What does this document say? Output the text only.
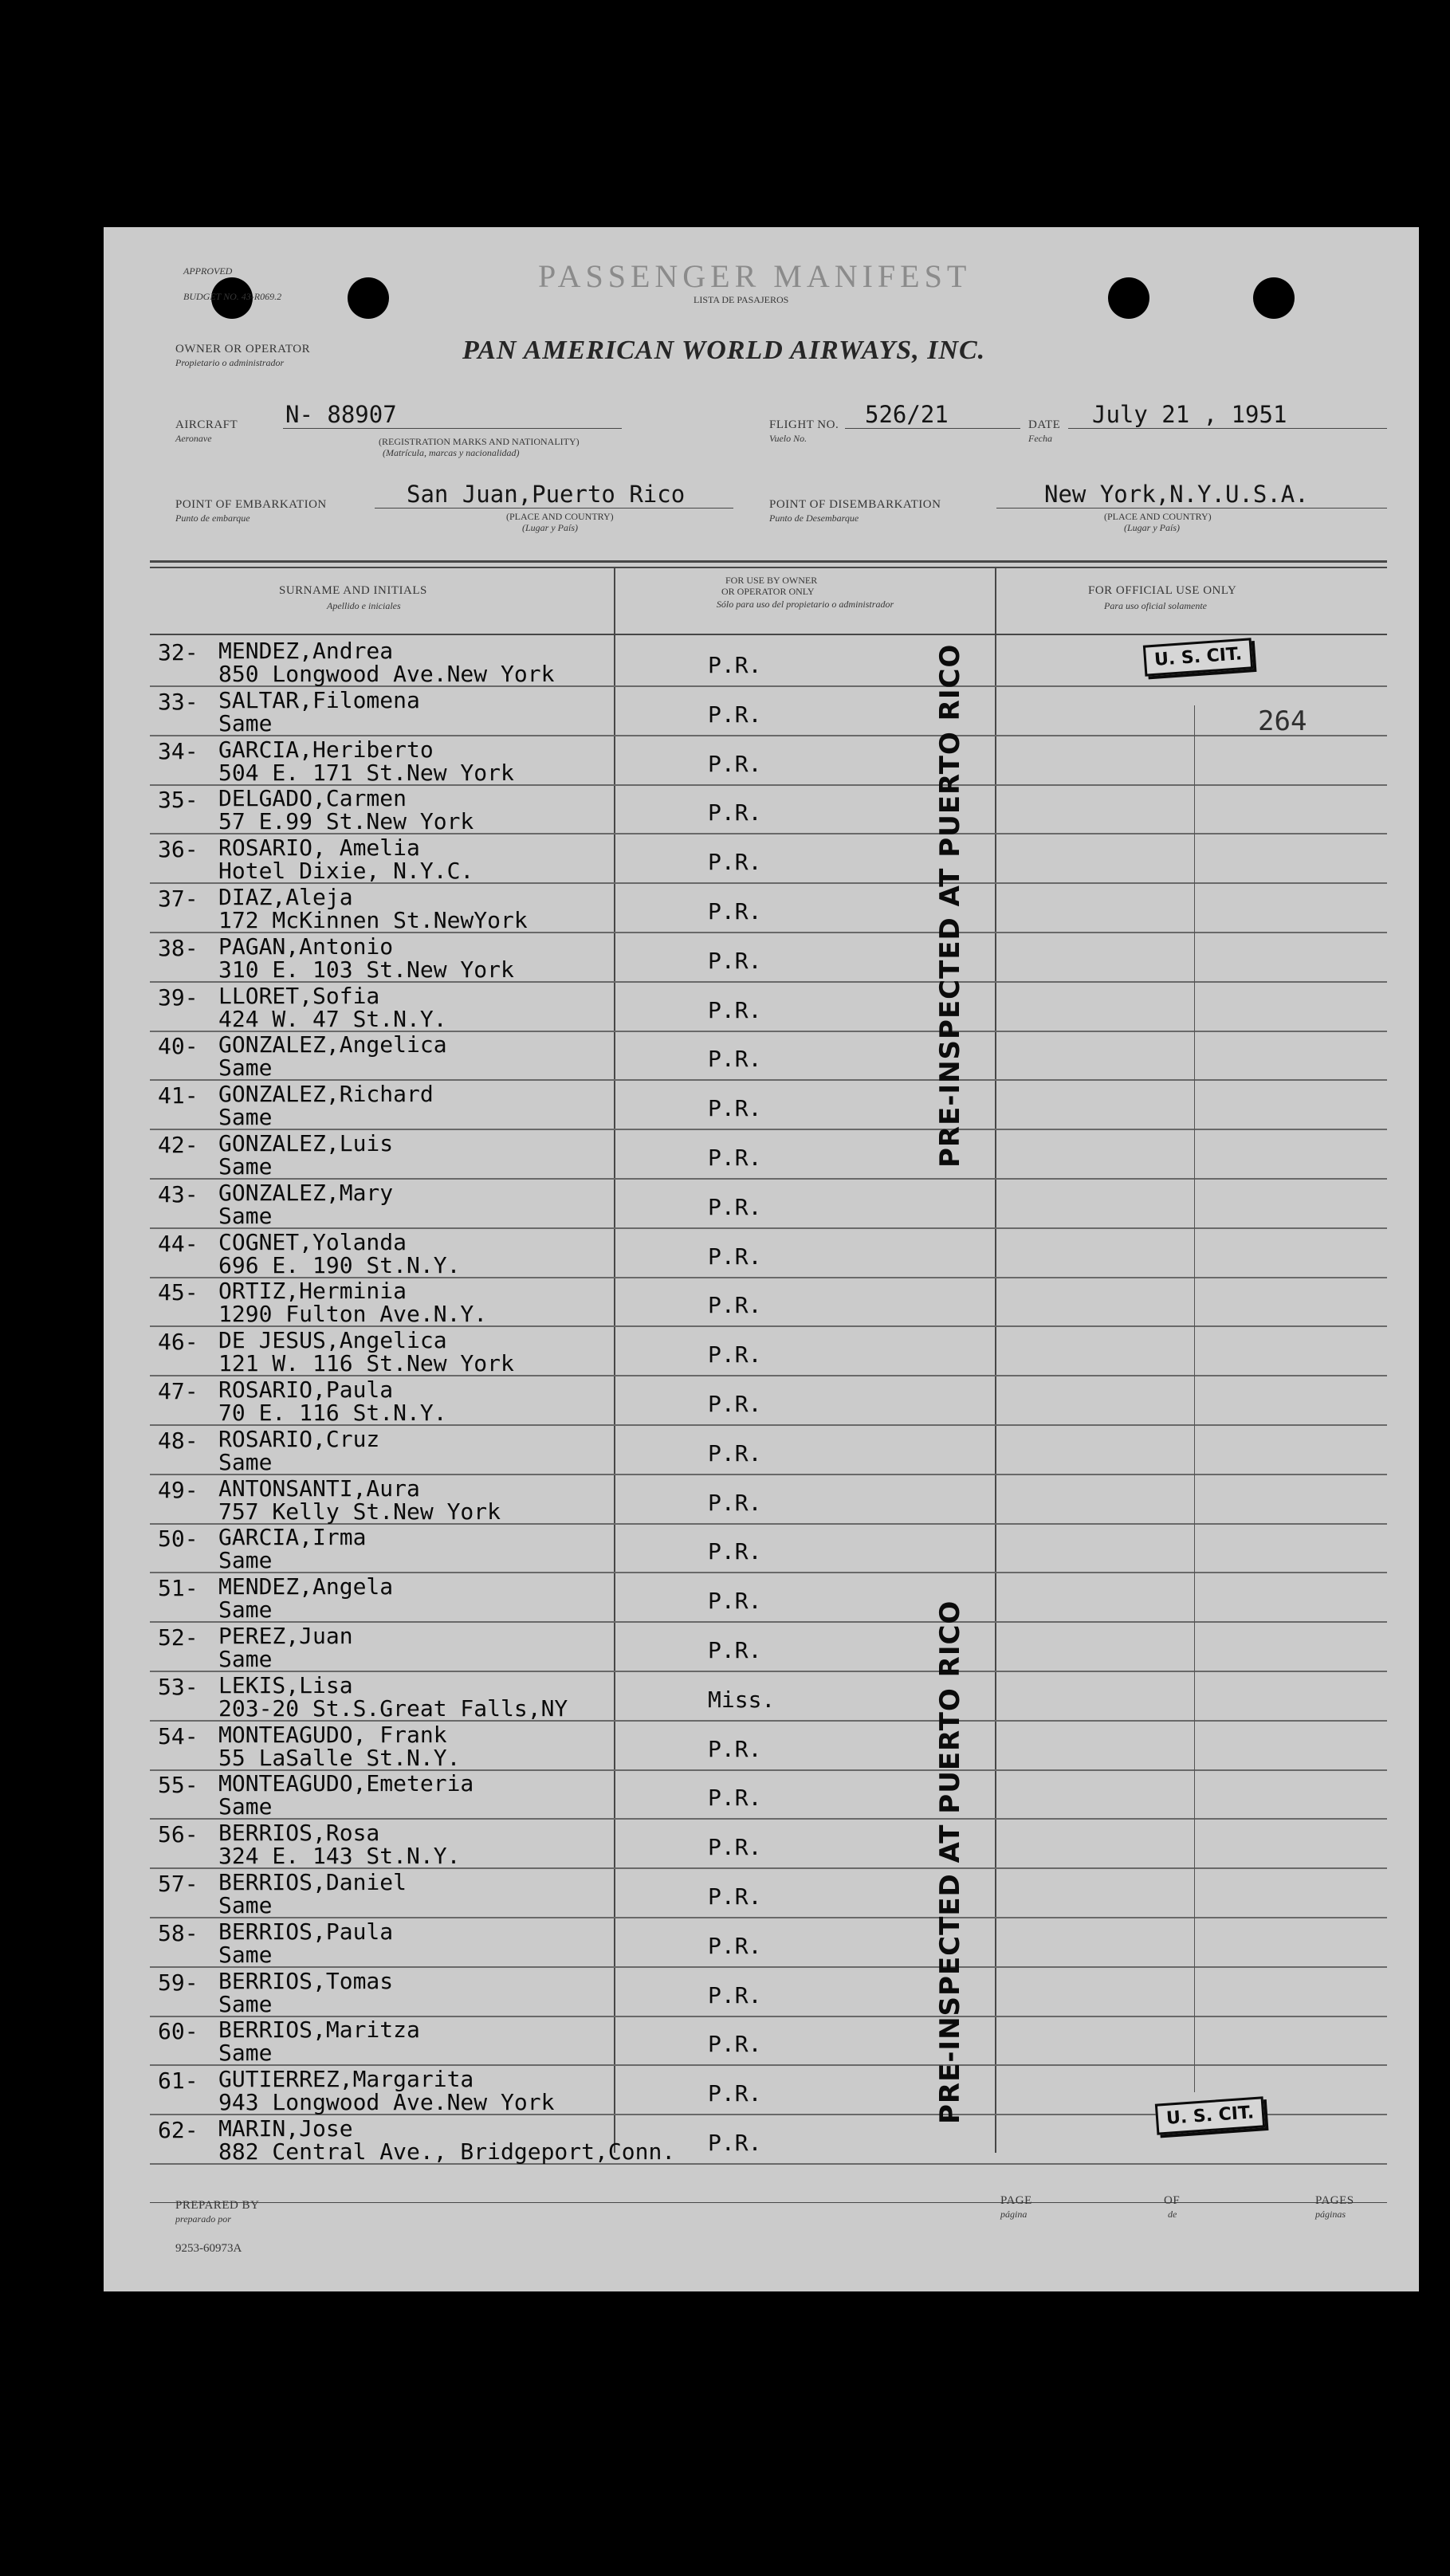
APPROVED
BUDGET NO. 43-R069.2
PASSENGER MANIFEST
LISTA DE PASAJEROS
OWNER OR OPERATOR
Propietario o administrador	PAN AMERICAN WORLD AIRWAYS, INC.
AIRCRAFT
Aeronave
N- 88907
(REGISTRATION MARKS AND NATIONALITY)
(Matrícula, marcas y nacionalidad)
FLIGHT NO.
Vuelo No.
526/21	DATE
Fecha
July 21 , 1951
POINT OF EMBARKATION
Punto de embarque
San Juan,Puerto Rico
(PLACE AND COUNTRY)
(Lugar y País)
POINT OF DISEMBARKATION
Punto de Desembarque
New York,N.Y.U.S.A.
(PLACE AND COUNTRY)
(Lugar y País)
SURNAME AND INITIALS
Apellido e iniciales
FOR USE BY OWNER
OR OPERATOR ONLY
Sólo para uso del propietario o administrador
FOR OFFICIAL USE ONLY
Para uso oficial solamente
32- MENDEZ,Andrea
850 Longwood Ave.New York	P.R.
33- SALTAR,Filomena
Same	P.R.
34- GARCIA,Heriberto
504 E. 171 St.New York	P.R.
35- DELGADO,Carmen
57 E.99 St.New York	P.R.
36- ROSARIO, Amelia
Hotel Dixie, N.Y.C.	P.R.
37- DIAZ,Aleja
172 McKinnen St.NewYork	P.R.
38- PAGAN,Antonio
310 E. 103 St.New York	P.R.
39- LLORET,Sofia
424 W. 47 St.N.Y.	P.R.
40- GONZALEZ,Angelica
Same	P.R.
41- GONZALEZ,Richard
Same	P.R.
42- GONZALEZ,Luis
Same	P.R.
43- GONZALEZ,Mary
Same	P.R.
44- COGNET,Yolanda
696 E. 190 St.N.Y.	P.R.
45- ORTIZ,Herminia
1290 Fulton Ave.N.Y.	P.R.
46- DE JESUS,Angelica
121 W. 116 St.New York	P.R.
47- ROSARIO,Paula
70 E. 116 St.N.Y.	P.R.
48- ROSARIO,Cruz
Same	P.R.
49- ANTONSANTI,Aura
757 Kelly St.New York	P.R.
50- GARCIA,Irma
Same	P.R.
51- MENDEZ,Angela
Same	P.R.
52- PEREZ,Juan
Same	P.R.
53- LEKIS,Lisa
203-20 St.S.Great Falls,NY	Miss.
54- MONTEAGUDO, Frank
55 LaSalle St.N.Y.	P.R.
55- MONTEAGUDO,Emeteria
Same	P.R.
56- BERRIOS,Rosa
324 E. 143 St.N.Y.	P.R.
57- BERRIOS,Daniel
Same	P.R.
58- BERRIOS,Paula
Same	P.R.
59- BERRIOS,Tomas
Same	P.R.
60- BERRIOS,Maritza
Same	P.R.
61- GUTIERREZ,Margarita
943 Longwood Ave.New York	P.R.
62- MARIN,Jose
882 Central Ave., Bridgeport,Conn. P.R.
PRE-INSPECTED AT PUERTO RICO
PRE-INSPECTED AT PUERTO RICO
U. S. CIT.
U. S. CIT.
264
PREPARED BY
preparado por
PAGE
página
OF
de
PAGES
páginas
9253-60973A
